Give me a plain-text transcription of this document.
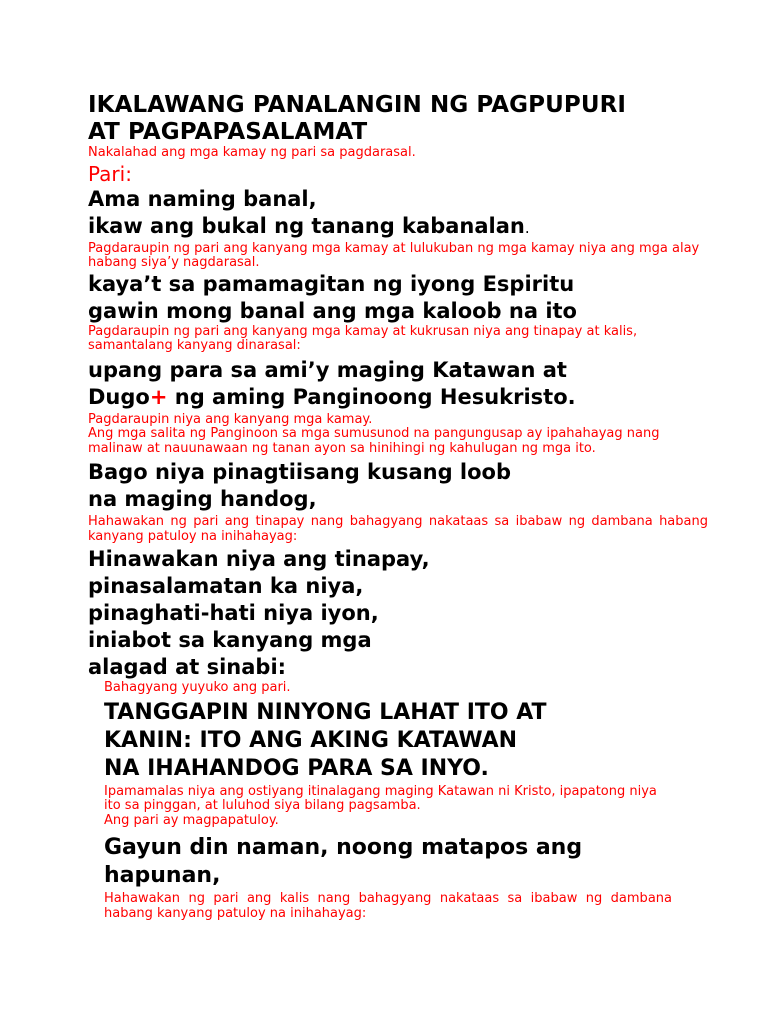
IKALAWANG PANALANGIN NG PAGPUPURI
AT PAGPAPASALAMAT

Nakalahad ang mga kamay ng pari sa pagdarasal.

Pari:

Ama naming banal,
ikaw ang bukal ng tanang kabanalan.

Pagdaraupin ng pari ang kanyang mga kamay at lulukuban ng mga kamay niya ang mga alay habang siya’y nagdarasal.

kaya’t sa pamamagitan ng iyong Espiritu
gawin mong banal ang mga kaloob na ito

Pagdaraupin ng pari ang kanyang mga kamay at kukrusan niya ang tinapay at kalis, samantalang kanyang dinarasal:

upang para sa ami’y maging Katawan at
Dugo+ ng aming Panginoong Hesukristo.

Pagdaraupin niya ang kanyang mga kamay.

Ang mga salita ng Panginoon sa mga sumusunod na pangungusap ay ipahahayag nang malinaw at nauunawaan ng tanan ayon sa hinihingi ng kahulugan ng mga ito.

Bago niya pinagtiisang kusang loob
na maging handog,

Hahawakan ng pari ang tinapay nang bahagyang nakataas sa ibabaw ng dambana habang kanyang patuloy na inihahayag:

Hinawakan niya ang tinapay,
pinasalamatan ka niya,
pinaghati-hati niya iyon,
iniabot sa kanyang mga
alagad at sinabi:

Bahagyang yuyuko ang pari.

TANGGAPIN NINYONG LAHAT ITO AT
KANIN: ITO ANG AKING KATAWAN
NA IHAHANDOG PARA SA INYO.

Ipamamalas niya ang ostiyang itinalagang maging Katawan ni Kristo, ipapatong niya ito sa pinggan, at luluhod siya bilang pagsamba.

Ang pari ay magpapatuloy.

Gayun din naman, noong matapos ang
hapunan,

Hahawakan ng pari ang kalis nang bahagyang nakataas sa ibabaw ng dambana habang kanyang patuloy na inihahayag:
